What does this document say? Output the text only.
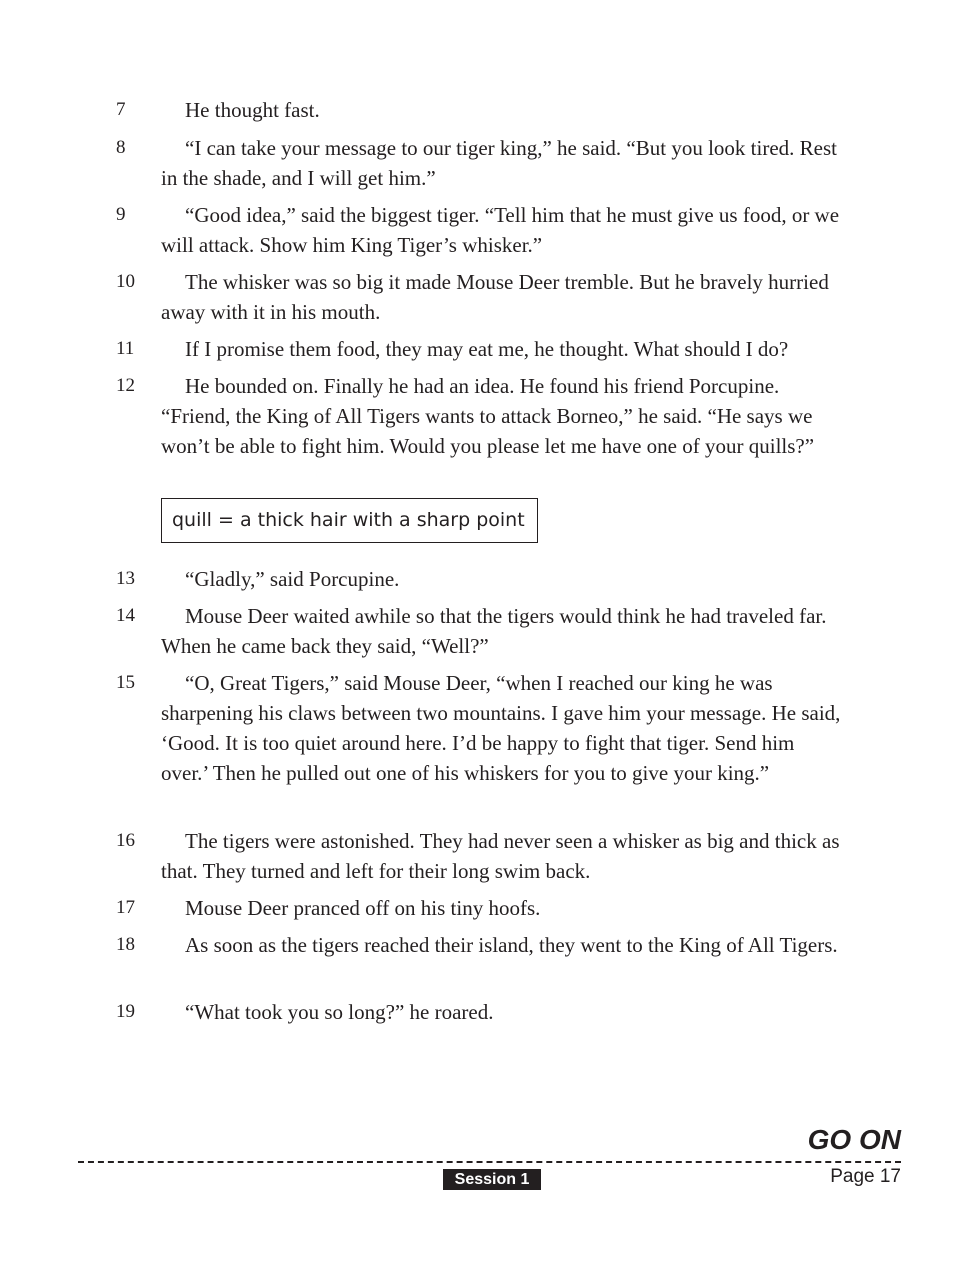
7	He thought fast.

8	“I can take your message to our tiger king,” he said. “But you look tired. Rest in the shade, and I will get him.”

9	“Good idea,” said the biggest tiger. “Tell him that he must give us food, or we will attack. Show him King Tiger’s whisker.”

10	The whisker was so big it made Mouse Deer tremble. But he bravely hurried away with it in his mouth.

11	If I promise them food, they may eat me, he thought. What should I do?

12	He bounded on. Finally he had an idea. He found his friend Porcupine. “Friend, the King of All Tigers wants to attack Borneo,” he said. “He says we won’t be able to fight him. Would you please let me have one of your quills?”

quill = a thick hair with a sharp point
13	“Gladly,” said Porcupine.

14	Mouse Deer waited awhile so that the tigers would think he had traveled far. When he came back they said, “Well?”

15	“O, Great Tigers,” said Mouse Deer, “when I reached our king he was sharpening his claws between two mountains. I gave him your message. He said, ‘Good. It is too quiet around here. I’d be happy to fight that tiger. Send him over.’ Then he pulled out one of his whiskers for you to give your king.”

16	The tigers were astonished. They had never seen a whisker as big and thick as that. They turned and left for their long swim back.

17	Mouse Deer pranced off on his tiny hoofs.

18	As soon as the tigers reached their island, they went to the King of All Tigers.

19	“What took you so long?” he roared.

GO ON
Session 1	Page 17
